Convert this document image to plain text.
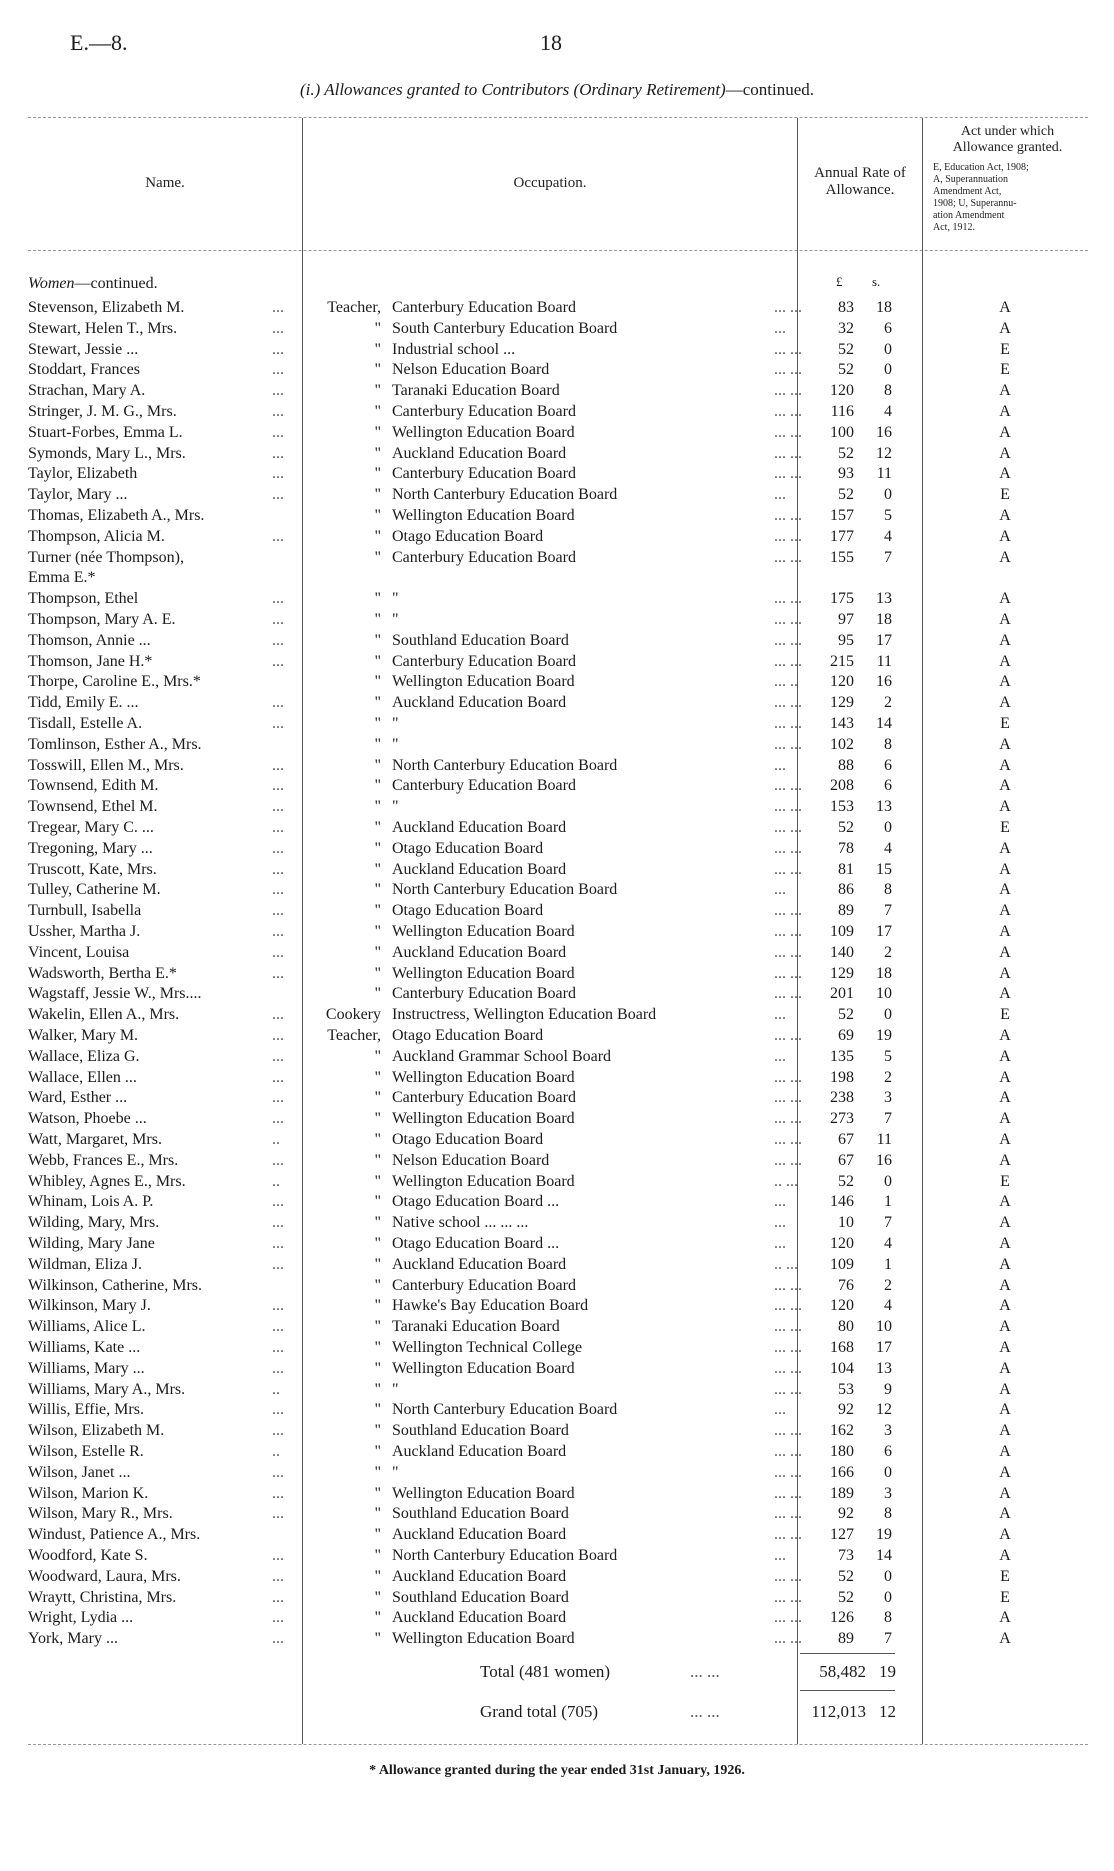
E.—8.	18
(i.) Allowances granted to Contributors (Ordinary Retirement)—continued.
Name.	Occupation.
Annual Rate of
Allowance.
Act under which
Allowance granted.
E, Education Act, 1908;
A, Superannuation
Amendment Act,
1908; U, Superannu-
ation Amendment
Act, 1912.
Women—continued.	£ s.
Stevenson, Elizabeth M.	...	Teacher, Canterbury Education Board	... ...	83	18	A
Stewart, Helen T., Mrs.	...	" South Canterbury Education Board	...	32	6	A
Stewart, Jessie ...	...	" Industrial school ...	... ...	52	0	E
Stoddart, Frances	...	" Nelson Education Board	... ...	52	0	E
Strachan, Mary A.	...	" Taranaki Education Board	... ...	120	8	A
Stringer, J. M. G., Mrs.	...	" Canterbury Education Board	... ...	116	4	A
Stuart-Forbes, Emma L.	...	" Wellington Education Board	... ...	100	16	A
Symonds, Mary L., Mrs.	...	" Auckland Education Board	... ...	52	12	A
Taylor, Elizabeth	...	" Canterbury Education Board	... ...	93	11	A
Taylor, Mary ...	...	" North Canterbury Education Board	...	52	0	E
Thomas, Elizabeth A., Mrs.	" Wellington Education Board	... ...	157	5	A
Thompson, Alicia M.	...	" Otago Education Board	... ...	177	4	A
Turner (née Thompson),	" Canterbury Education Board	... ...	155	7	A
Emma E.*
Thompson, Ethel	...	" "	... ...	175	13	A
Thompson, Mary A. E.	...	" "	... ...	97	18	A
Thomson, Annie ...	...	" Southland Education Board	... ...	95	17	A
Thomson, Jane H.*	...	" Canterbury Education Board	... ...	215	11	A
Thorpe, Caroline E., Mrs.*	" Wellington Education Board	... ..	120	16	A
Tidd, Emily E. ...	...	" Auckland Education Board	... ...	129	2	A
Tisdall, Estelle A.	...	" "	... ...	143	14	E
Tomlinson, Esther A., Mrs.	" "	... ...	102	8	A
Tosswill, Ellen M., Mrs.	...	" North Canterbury Education Board	...	88	6	A
Townsend, Edith M.	...	" Canterbury Education Board	... ...	208	6	A
Townsend, Ethel M.	...	" "	... ...	153	13	A
Tregear, Mary C. ...	...	" Auckland Education Board	... ...	52	0	E
Tregoning, Mary ...	...	" Otago Education Board	... ...	78	4	A
Truscott, Kate, Mrs.	...	" Auckland Education Board	... ...	81	15	A
Tulley, Catherine M.	...	" North Canterbury Education Board	...	86	8	A
Turnbull, Isabella	...	" Otago Education Board	... ...	89	7	A
Ussher, Martha J.	...	" Wellington Education Board	... ...	109	17	A
Vincent, Louisa	...	" Auckland Education Board	... ...	140	2	A
Wadsworth, Bertha E.*	...	" Wellington Education Board	... ...	129	18	A
Wagstaff, Jessie W., Mrs....	" Canterbury Education Board	... ...	201	10	A
Wakelin, Ellen A., Mrs.	...	Cookery Instructress, Wellington Education Board	...	52	0	E
Walker, Mary M.	...	Teacher, Otago Education Board	... ...	69	19	A
Wallace, Eliza G.	...	" Auckland Grammar School Board	...	135	5	A
Wallace, Ellen ...	...	" Wellington Education Board	... ...	198	2	A
Ward, Esther ...	...	" Canterbury Education Board	... ...	238	3	A
Watson, Phoebe ...	...	" Wellington Education Board	... ...	273	7	A
Watt, Margaret, Mrs.	..	" Otago Education Board	... ...	67	11	A
Webb, Frances E., Mrs.	...	" Nelson Education Board	... ...	67	16	A
Whibley, Agnes E., Mrs.	..	" Wellington Education Board	.. ...	52	0	E
Whinam, Lois A. P.	...	" Otago Education Board ...	...	146	1	A
Wilding, Mary, Mrs.	...	" Native school ... ... ...	...	10	7	A
Wilding, Mary Jane	...	" Otago Education Board ...	...	120	4	A
Wildman, Eliza J.	...	" Auckland Education Board	.. ...	109	1	A
Wilkinson, Catherine, Mrs.	" Canterbury Education Board	... ...	76	2	A
Wilkinson, Mary J.	...	" Hawke's Bay Education Board	... ...	120	4	A
Williams, Alice L.	...	" Taranaki Education Board	... ...	80	10	A
Williams, Kate ...	...	" Wellington Technical College	... ...	168	17	A
Williams, Mary ...	...	" Wellington Education Board	... ...	104	13	A
Williams, Mary A., Mrs.	..	" "	... ...	53	9	A
Willis, Effie, Mrs.	...	" North Canterbury Education Board	...	92	12	A
Wilson, Elizabeth M.	...	" Southland Education Board	... ...	162	3	A
Wilson, Estelle R.	..	" Auckland Education Board	... ...	180	6	A
Wilson, Janet ...	...	" "	... ...	166	0	A
Wilson, Marion K.	...	" Wellington Education Board	... ...	189	3	A
Wilson, Mary R., Mrs.	...	" Southland Education Board	... ...	92	8	A
Windust, Patience A., Mrs.	" Auckland Education Board	... ...	127	19	A
Woodford, Kate S.	...	" North Canterbury Education Board	...	73	14	A
Woodward, Laura, Mrs.	...	" Auckland Education Board	... ...	52	0	E
Wraytt, Christina, Mrs.	...	" Southland Education Board	... ...	52	0	E
Wright, Lydia ...	...	" Auckland Education Board	... ...	126	8	A
York, Mary ...	...	" Wellington Education Board	... ...	89	7	A
Total (481 women)	... ...	58,482 19
Grand total (705)	... ...	112,013 12
* Allowance granted during the year ended 31st January, 1926.
